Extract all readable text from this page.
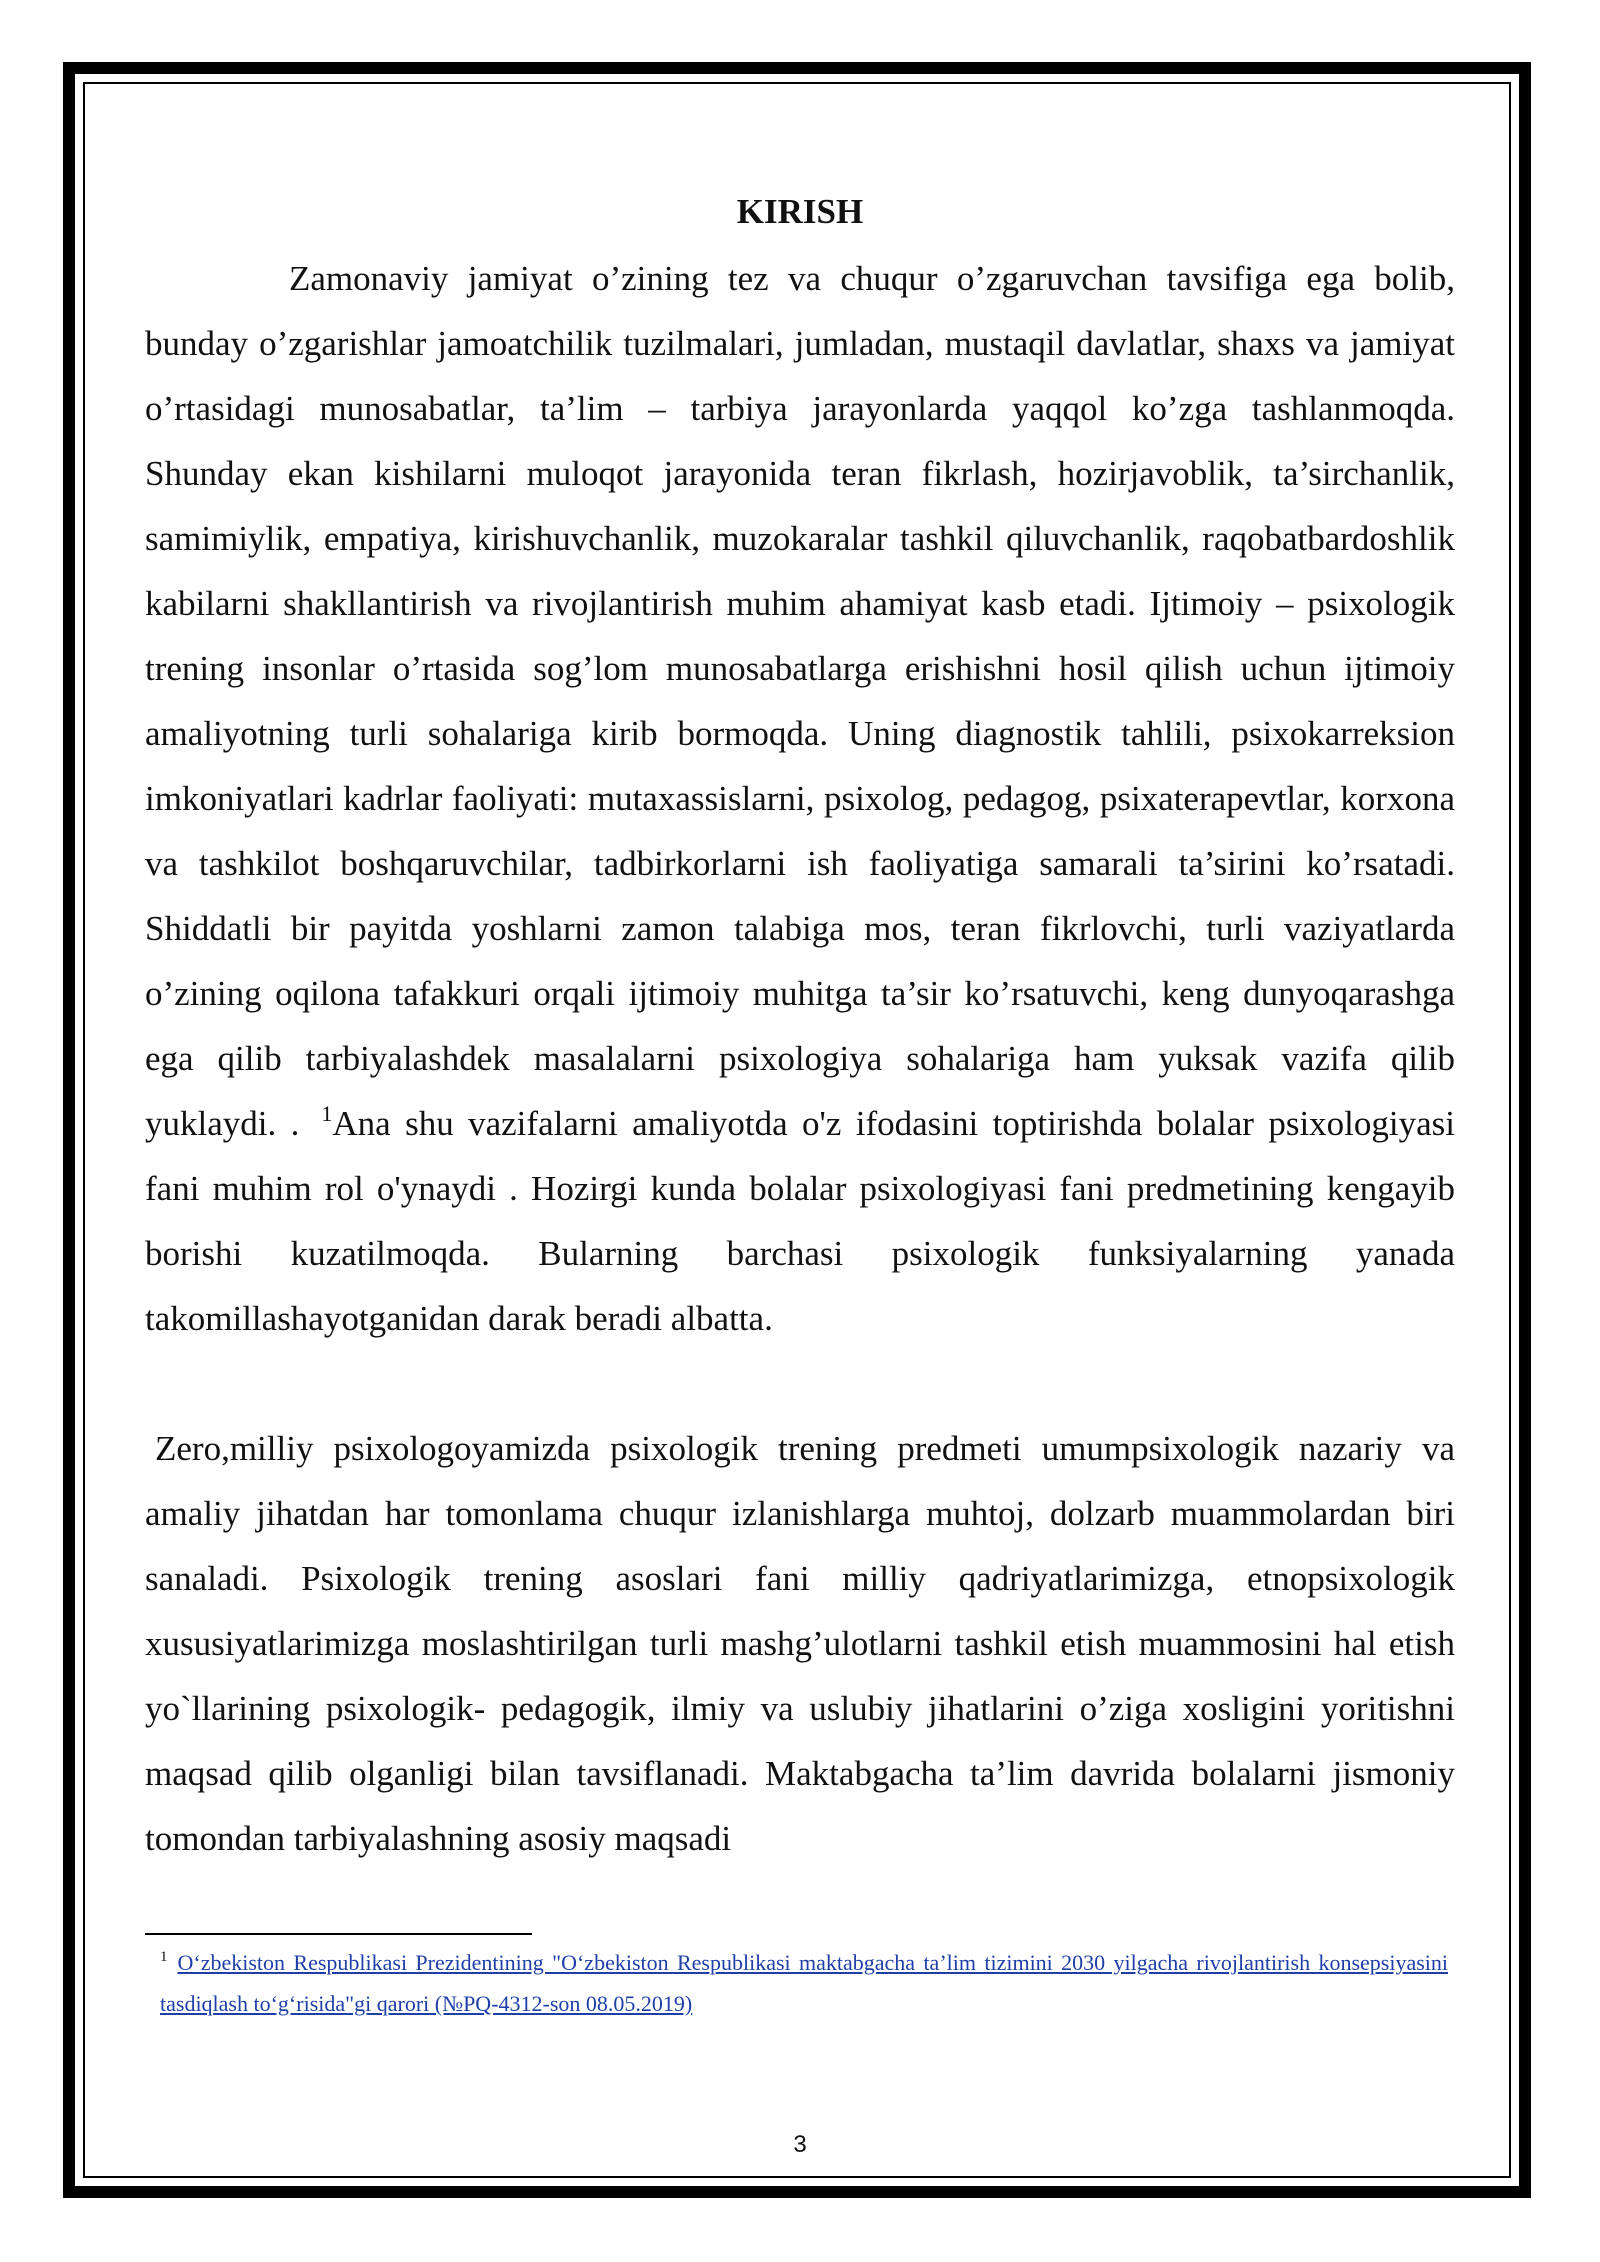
KIRISH

Zamonaviy jamiyat o’zining tez va chuqur o’zgaruvchan tavsifiga ega bolib, bunday o’zgarishlar jamoatchilik tuzilmalari, jumladan, mustaqil davlatlar, shaxs va jamiyat o’rtasidagi munosabatlar, ta’lim – tarbiya jarayonlarda yaqqol ko’zga tashlanmoqda. Shunday ekan kishilarni muloqot jarayonida teran fikrlash, hozirjavoblik, ta’sirchanlik, samimiylik, empatiya, kirishuvchanlik, muzokaralar tashkil qiluvchanlik, raqobatbardoshlik kabilarni shakllantirish va rivojlantirish muhim ahamiyat kasb etadi. Ijtimoiy – psixologik trening insonlar o’rtasida sog’lom munosabatlarga erishishni hosil qilish uchun ijtimoiy amaliyotning turli sohalariga kirib bormoqda. Uning diagnostik tahlili, psixokarreksion imkoniyatlari kadrlar faoliyati: mutaxassislarni, psixolog, pedagog, psixaterapevtlar, korxona va tashkilot boshqaruvchilar, tadbirkorlarni ish faoliyatiga samarali ta’sirini ko’rsatadi. Shiddatli bir payitda yoshlarni zamon talabiga mos, teran fikrlovchi, turli vaziyatlarda o’zining oqilona tafakkuri orqali ijtimoiy muhitga ta’sir ko’rsatuvchi, keng dunyoqarashga ega qilib tarbiyalashdek masalalarni psixologiya sohalariga ham yuksak vazifa qilib yuklaydi. . $^1$Ana shu vazifalarni amaliyotda o'z ifodasini toptirishda bolalar psixologiyasi fani muhim rol o'ynaydi . Hozirgi kunda bolalar psixologiyasi fani predmetining kengayib borishi kuzatilmoqda. Bularning barchasi psixologik funksiyalarning yanada takomillashayotganidan darak beradi albatta.

Zero,milliy psixologoyamizda psixologik trening predmeti umumpsixologik nazariy va amaliy jihatdan har tomonlama chuqur izlanishlarga muhtoj, dolzarb muammolardan biri sanaladi. Psixologik trening asoslari fani milliy qadriyatlarimizga, etnopsixologik xususiyatlarimizga moslashtirilgan turli mashg’ulotlarni tashkil etish muammosini hal etish yo`llarining psixologik- pedagogik, ilmiy va uslubiy jihatlarini o’ziga xosligini yoritishni maqsad qilib olganligi bilan tavsiflanadi. Maktabgacha ta’lim davrida bolalarni jismoniy tomondan tarbiyalashning asosiy maqsadi

$^1$ O‘zbekiston Respublikasi Prezidentining "O‘zbekiston Respublikasi maktabgacha ta’lim tizimini 2030 yilgacha rivojlantirish konsepsiyasini tasdiqlash to‘g‘risida"gi qarori (№PQ-4312-son 08.05.2019)

3
